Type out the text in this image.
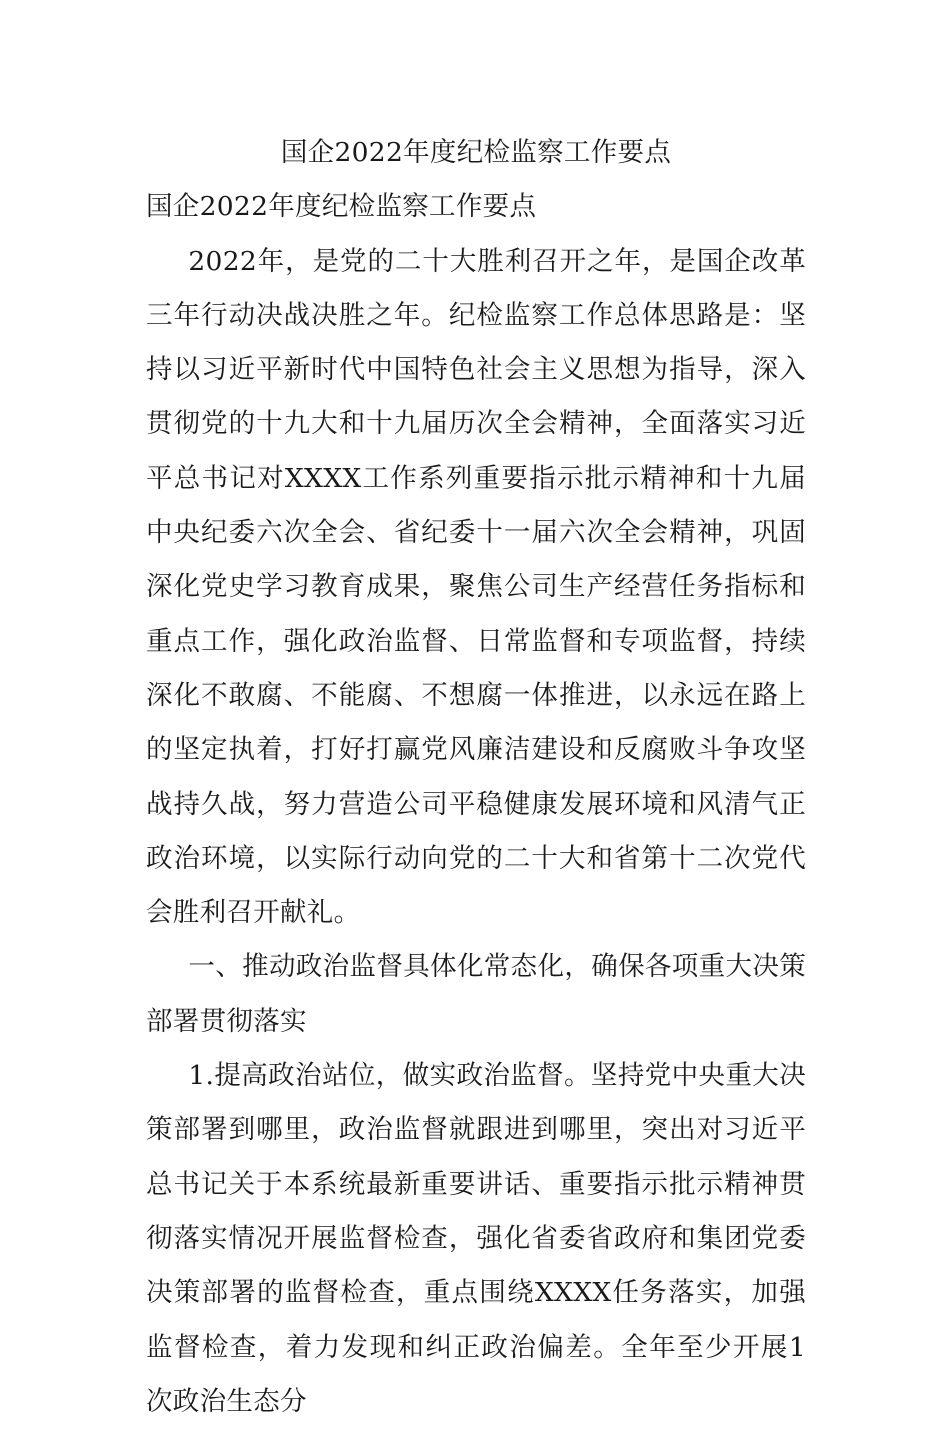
国企2022年度纪检监察工作要点
国企2022年度纪检监察工作要点

2022年，是党的二十大胜利召开之年，是国企改革三年行动决战决胜之年。纪检监察工作总体思路是：坚持以习近平新时代中国特色社会主义思想为指导，深入贯彻党的十九大和十九届历次全会精神，全面落实习近平总书记对XXXX工作系列重要指示批示精神和十九届中央纪委六次全会、省纪委十一届六次全会精神，巩固深化党史学习教育成果，聚焦公司生产经营任务指标和重点工作，强化政治监督、日常监督和专项监督，持续深化不敢腐、不能腐、不想腐一体推进，以永远在路上的坚定执着，打好打赢党风廉洁建设和反腐败斗争攻坚战持久战，努力营造公司平稳健康发展环境和风清气正政治环境，以实际行动向党的二十大和省第十二次党代会胜利召开献礼。

一、推动政治监督具体化常态化，确保各项重大决策部署贯彻落实

1.提高政治站位，做实政治监督。坚持党中央重大决策部署到哪里，政治监督就跟进到哪里，突出对习近平总书记关于本系统最新重要讲话、重要指示批示精神贯彻落实情况开展监督检查，强化省委省政府和集团党委决策部署的监督检查，重点围绕XXXX任务落实，加强监督检查，着力发现和纠正政治偏差。全年至少开展1次政治生态分
